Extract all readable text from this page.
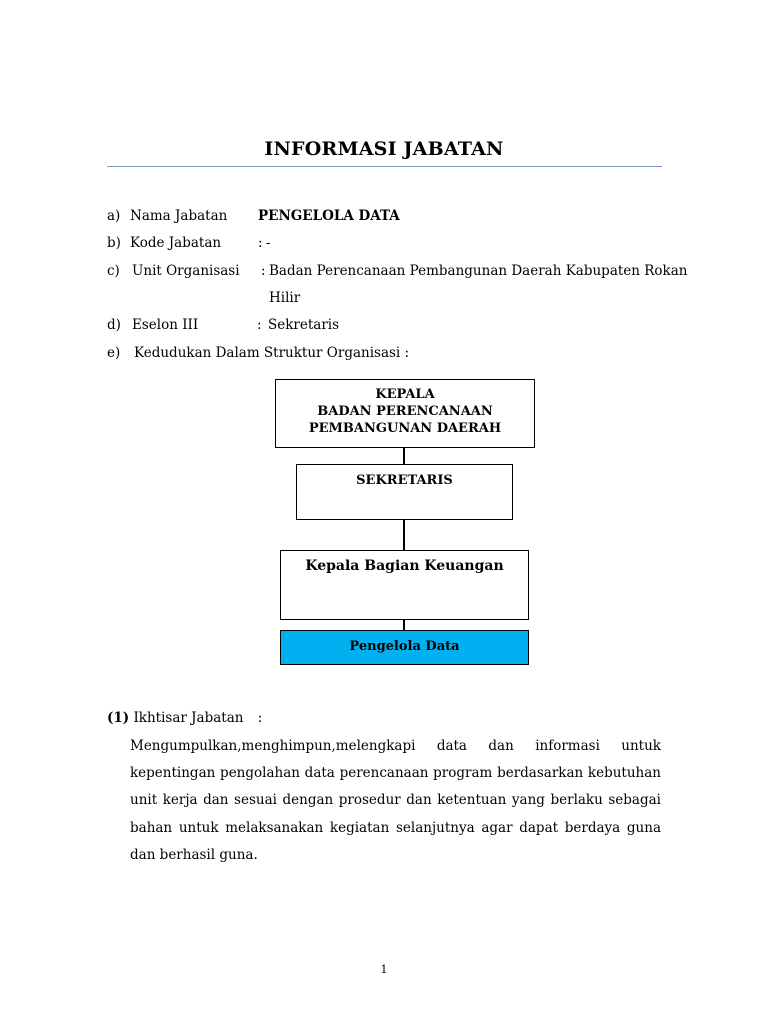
INFORMASI JABATAN
a) Nama Jabatan PENGELOLA DATA
b) Kode Jabatan	: -
c) Unit Organisasi : Badan Perencanaan Pembangunan Daerah Kabupaten Rokan
Hilir
d) Eselon III	: Sekretaris
e) Kedudukan Dalam Struktur Organisasi :
KEPALA
BADAN PERENCANAAN
PEMBANGUNAN DAERAH
SEKRETARIS
Kepala Bagian Keuangan
Pengelola Data
(1) Ikhtisar Jabatan :
Mengumpulkan,menghimpun,melengkapi data dan informasi untuk kepentingan pengolahan data perencanaan program berdasarkan kebutuhan unit kerja dan sesuai dengan prosedur dan ketentuan yang berlaku sebagai bahan untuk melaksanakan kegiatan selanjutnya agar dapat berdaya guna dan berhasil guna.
1
